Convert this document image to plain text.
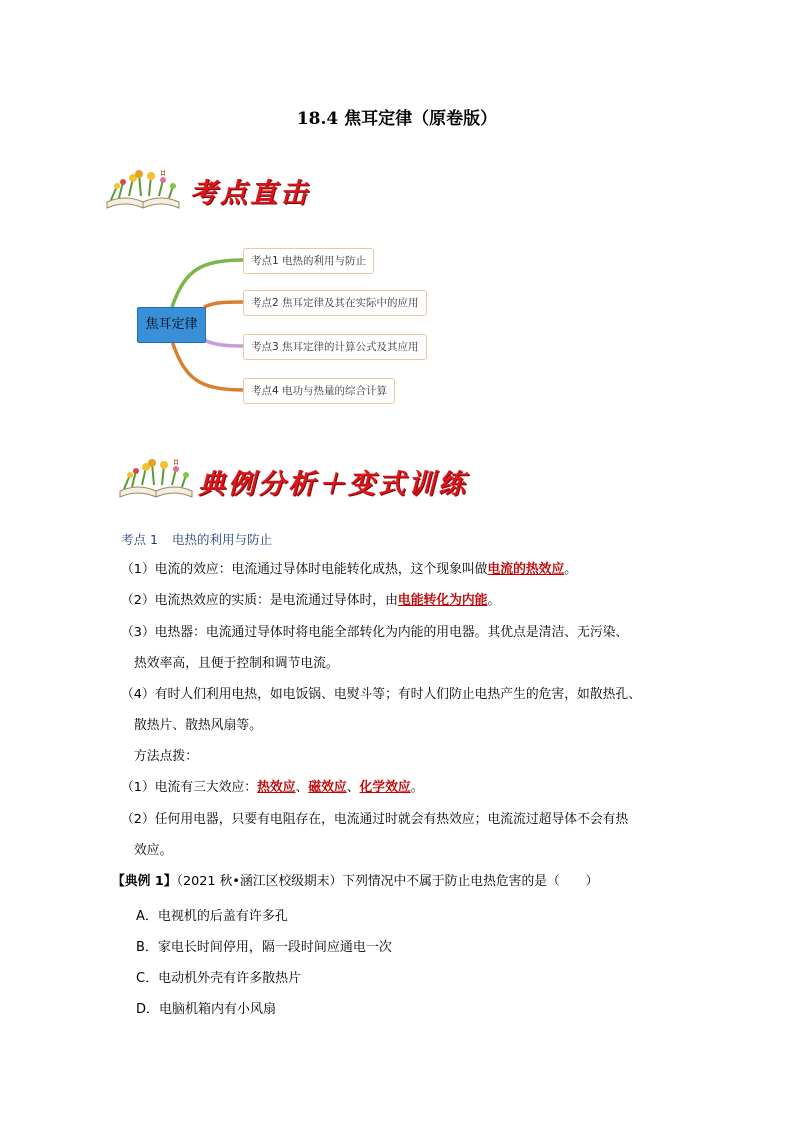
18.4 焦耳定律（原卷版）
考点直击
焦耳定律
考点1 电热的利用与防止
考点2 焦耳定律及其在实际中的应用
考点3 焦耳定律的计算公式及其应用
考点4 电功与热量的综合计算
典例分析＋变式训练
考点 1 电热的利用与防止
（1）电流的效应：电流通过导体时电能转化成热，这个现象叫做电流的热效应。
（2）电流热效应的实质：是电流通过导体时，由电能转化为内能。
（3）电热器：电流通过导体时将电能全部转化为内能的用电器。其优点是清洁、无污染、
热效率高，且便于控制和调节电流。
（4）有时人们利用电热，如电饭锅、电熨斗等；有时人们防止电热产生的危害，如散热孔、
散热片、散热风扇等。
方法点拨：
（1）电流有三大效应：热效应、磁效应、化学效应。
（2）任何用电器，只要有电阻存在，电流通过时就会有热效应；电流流过超导体不会有热
效应。
【典例 1】（2021 秋•涵江区校级期末）下列情况中不属于防止电热危害的是（　　）
A．电视机的后盖有许多孔
B．家电长时间停用，隔一段时间应通电一次
C．电动机外壳有许多散热片
D．电脑机箱内有小风扇
